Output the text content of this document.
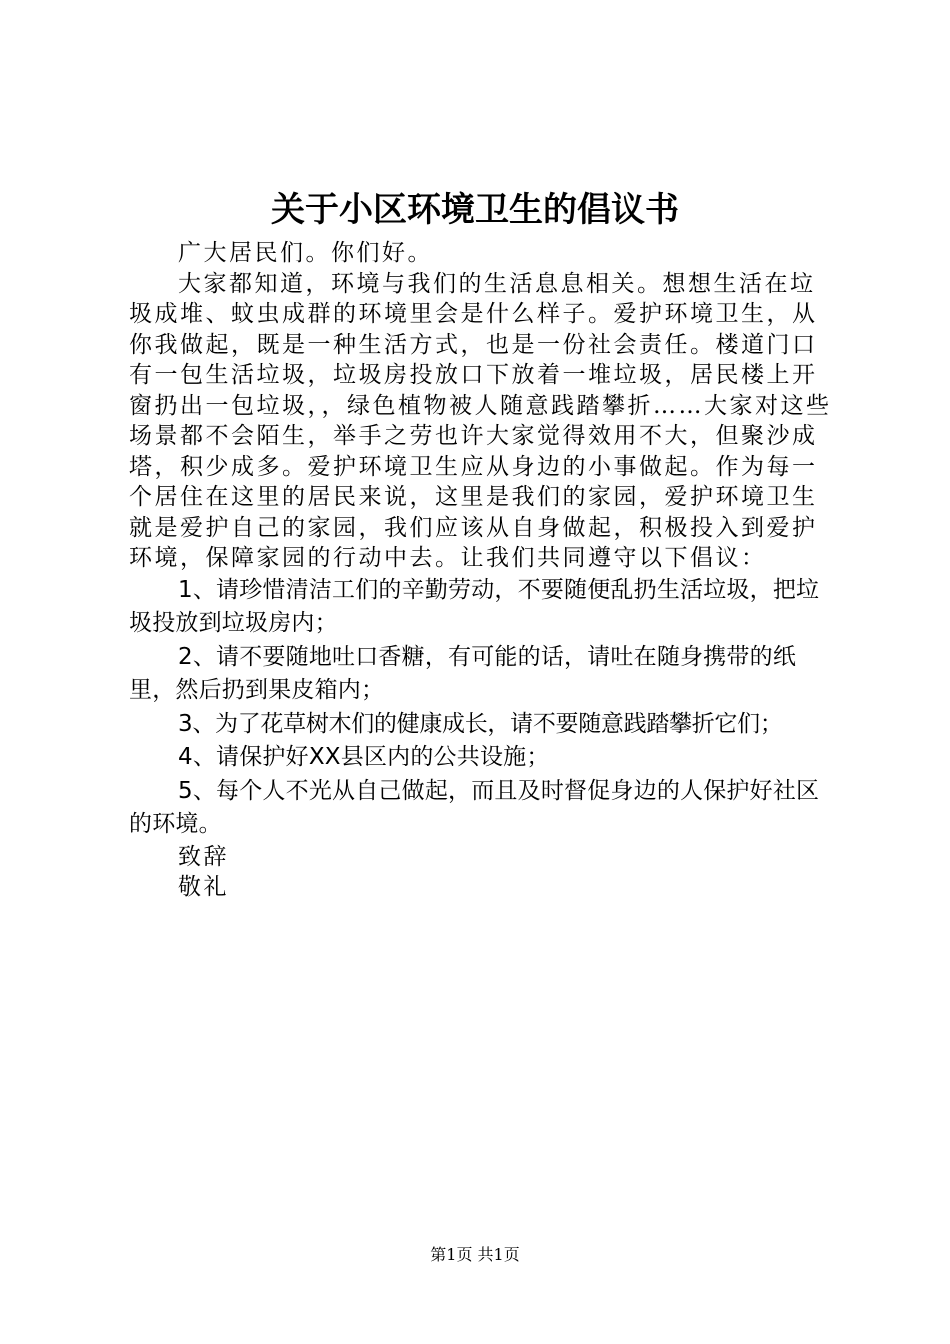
关于小区环境卫生的倡议书

广大居民们。你们好。

大家都知道，环境与我们的生活息息相关。想想生活在垃圾成堆、蚊虫成群的环境里会是什么样子。爱护环境卫生，从你我做起，既是一种生活方式，也是一份社会责任。楼道门口有一包生活垃圾，垃圾房投放口下放着一堆垃圾，居民楼上开窗扔出一包垃圾，，绿色植物被人随意践踏攀折……大家对这些场景都不会陌生，举手之劳也许大家觉得效用不大，但聚沙成塔，积少成多。爱护环境卫生应从身边的小事做起。作为每一个居住在这里的居民来说，这里是我们的家园，爱护环境卫生就是爱护自己的家园，我们应该从自身做起，积极投入到爱护环境，保障家园的行动中去。让我们共同遵守以下倡议：

1、请珍惜清洁工们的辛勤劳动，不要随便乱扔生活垃圾，把垃圾投放到垃圾房内；

2、请不要随地吐口香糖，有可能的话，请吐在随身携带的纸里，然后扔到果皮箱内；

3、为了花草树木们的健康成长，请不要随意践踏攀折它们；

4、请保护好XX县区内的公共设施；

5、每个人不光从自己做起，而且及时督促身边的人保护好社区的环境。

致辞

敬礼

第1页 共1页
